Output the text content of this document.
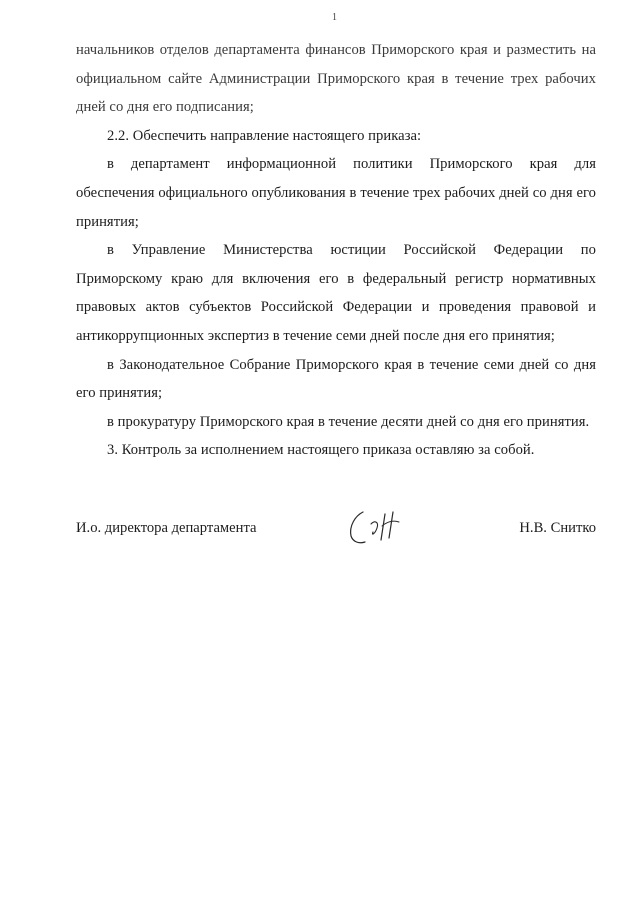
1

начальников отделов департамента финансов Приморского края и разместить на официальном сайте Администрации Приморского края в течение трех рабочих дней со дня его подписания;

2.2. Обеспечить направление настоящего приказа:

в департамент информационной политики Приморского края для обеспечения официального опубликования в течение трех рабочих дней со дня его принятия;

в Управление Министерства юстиции Российской Федерации по Приморскому краю для включения его в федеральный регистр нормативных правовых актов субъектов Российской Федерации и проведения правовой и антикоррупционных экспертиз в течение семи дней после дня его принятия;

в Законодательное Собрание Приморского края в течение семи дней со дня его принятия;

в прокуратуру Приморского края в течение десяти дней со дня его принятия.

3. Контроль за исполнением настоящего приказа оставляю за собой.

И.о. директора департамента	Н.В. Снитко
